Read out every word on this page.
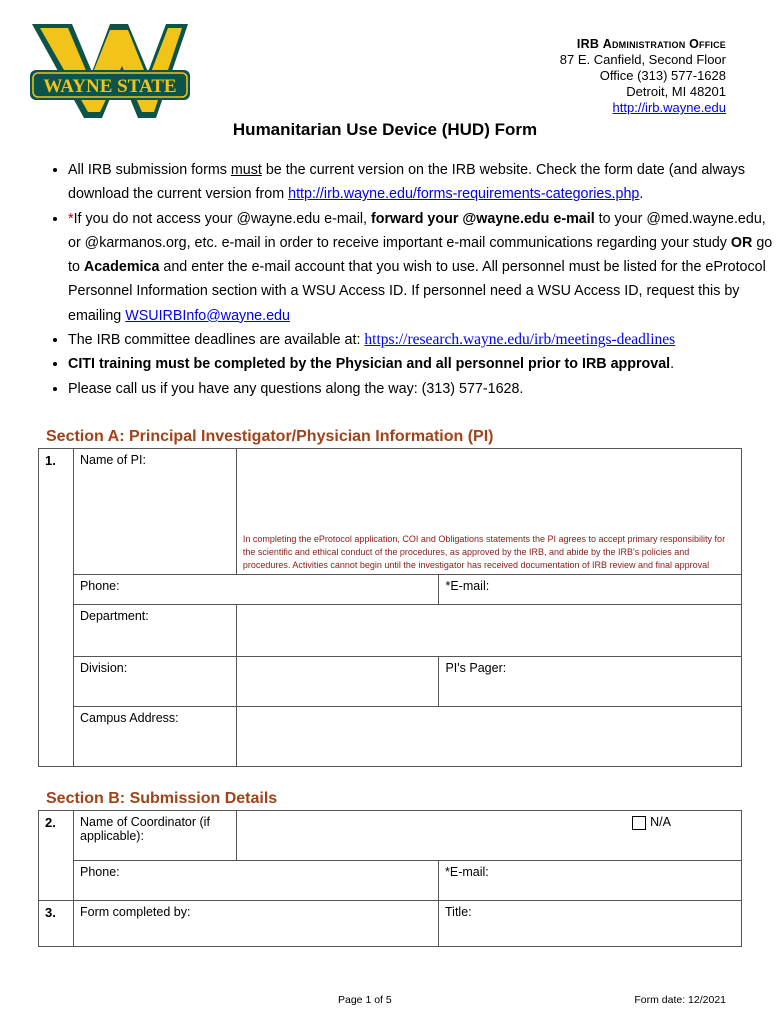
WAYNE STATE
IRB Administration Office
87 E. Canfield, Second Floor
Office (313) 577-1628
Detroit, MI 48201
http://irb.wayne.edu
Humanitarian Use Device (HUD) Form
• All IRB submission forms must be the current version on the IRB website. Check the form date (and always download the current version from http://irb.wayne.edu/forms-requirements-categories.php.
• *If you do not access your @wayne.edu e-mail, forward your @wayne.edu e-mail to your @med.wayne.edu, or @karmanos.org, etc. e-mail in order to receive important e-mail communications regarding your study OR go to Academica and enter the e-mail account that you wish to use. All personnel must be listed for the eProtocol Personnel Information section with a WSU Access ID. If personnel need a WSU Access ID, request this by emailing WSUIRBInfo@wayne.edu
• The IRB committee deadlines are available at: https://research.wayne.edu/irb/meetings-deadlines
• CITI training must be completed by the Physician and all personnel prior to IRB approval.
• Please call us if you have any questions along the way: (313) 577-1628.
Section A: Principal Investigator/Physician Information (PI)
1.	Name of PI:	In completing the eProtocol application, COI and Obligations statements the PI agrees to accept primary responsibility for the scientific and ethical conduct of the procedures, as approved by the IRB, and abide by the IRB's policies and procedures. Activities cannot begin until the investigator has received documentation of IRB review and final approval	

	Phone:		*E-mail:
	Department:		
	Division:		PI's Pager:
	Campus Address:		
Section B: Submission Details
2.	Name of Coordinator (if applicable):	N/A	
	Phone:		*E-mail:
3.	Form completed by:		Title:
Page 1 of 5	Form date: 12/2021
